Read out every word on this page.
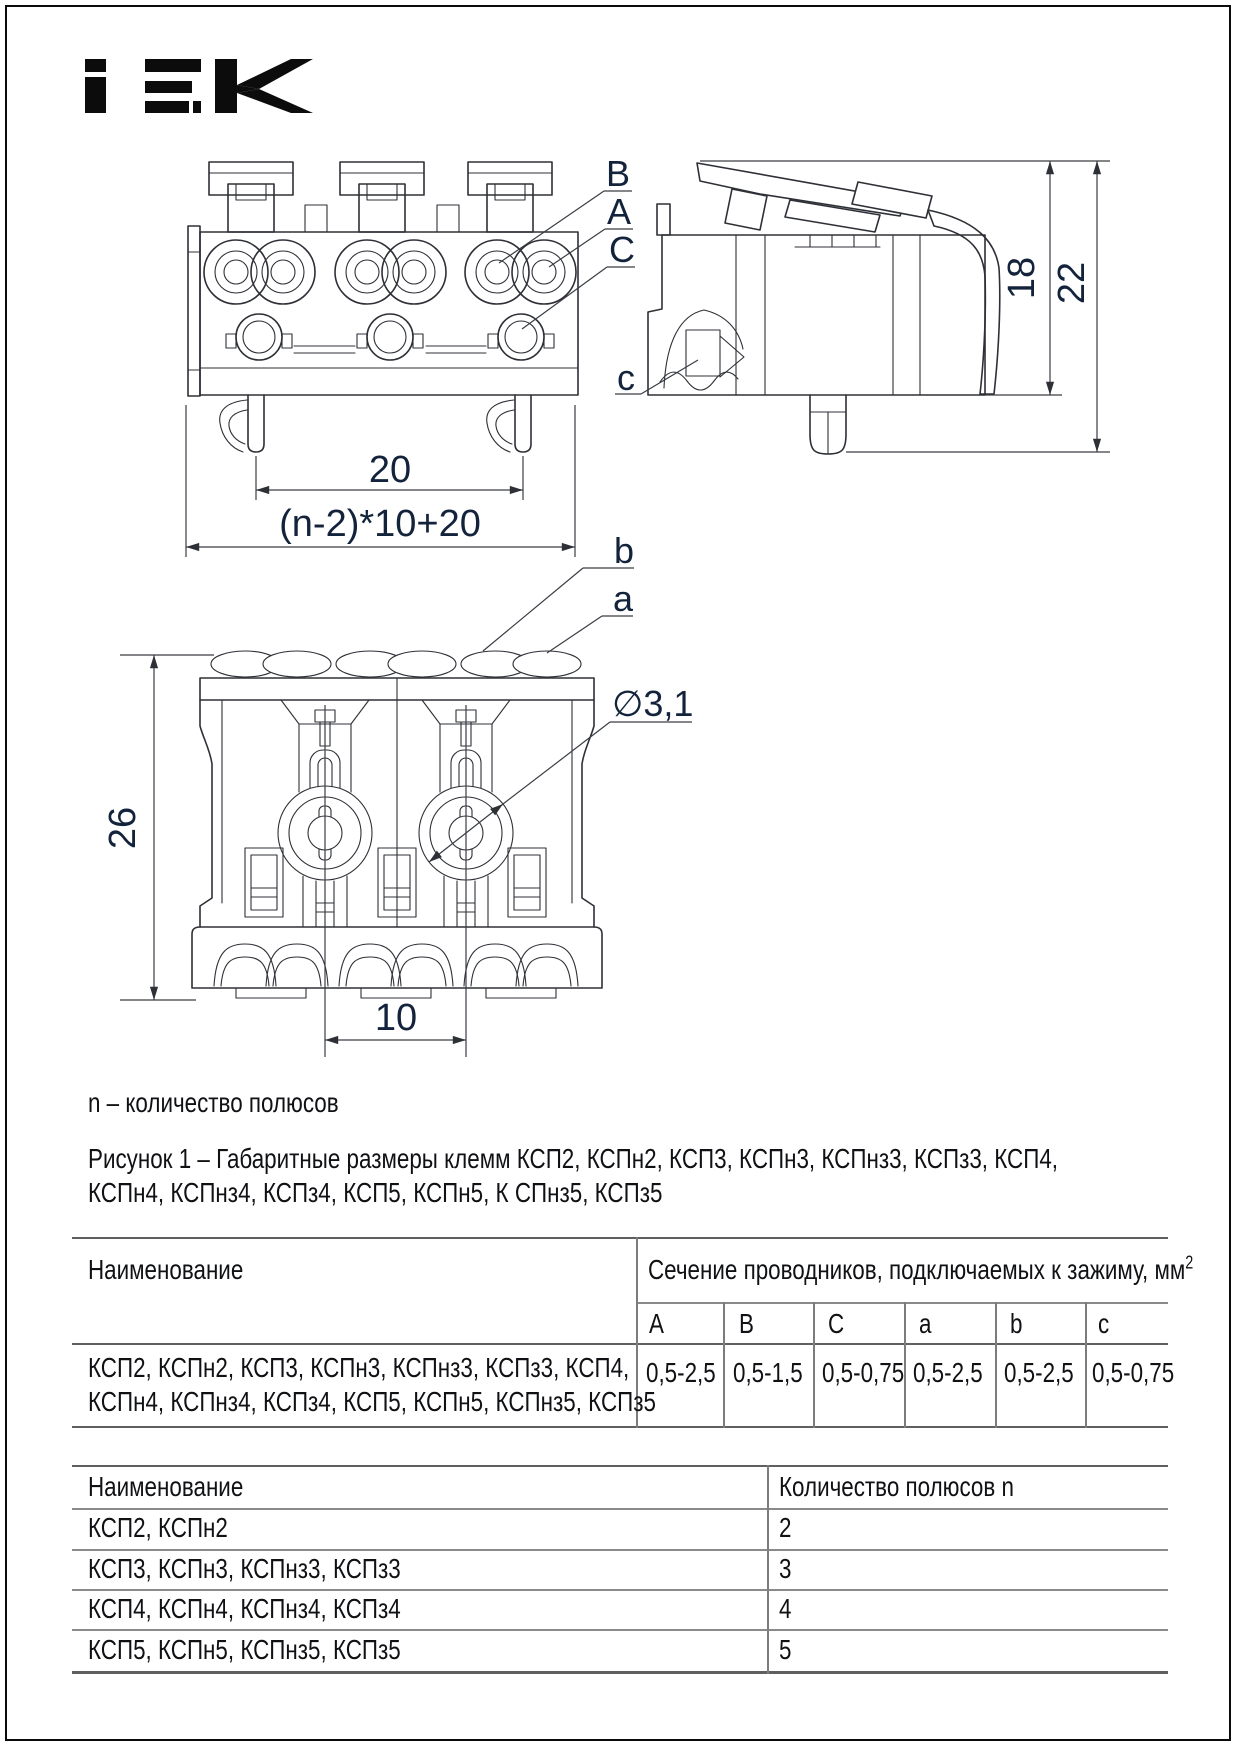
20
(n-2)*10+20
B
A
C
18 22
c
10
26
b
a
∅3,1
n – количество полюсов
Рисунок 1 – Габаритные размеры клемм КСП2, КСПн2, КСП3, КСПн3, КСПнз3, КСПз3, КСП4,
КСПн4, КСПнз4, КСПз4, КСП5, КСПн5, К СПнз5, КСПз5
Наименование	Сечение проводников, подключаемых к зажиму, $мм^2$
A	B	C	a	b	c
КСП2, КСПн2, КСП3, КСПн3, КСПнз3, КСПз3, КСП4,
КСПн4, КСПнз4, КСПз4, КСП5, КСПн5, КСПнз5, КСПз5
0,5-2,5 0,5-1,5 0,5-0,75 0,5-2,5 0,5-2,5 0,5-0,75
Наименование	Количество полюсов n
КСП2, КСПн2	2
КСП3, КСПн3, КСПнз3, КСПз3	3
КСП4, КСПн4, КСПнз4, КСПз4	4
КСП5, КСПн5, КСПнз5, КСПз5	5
